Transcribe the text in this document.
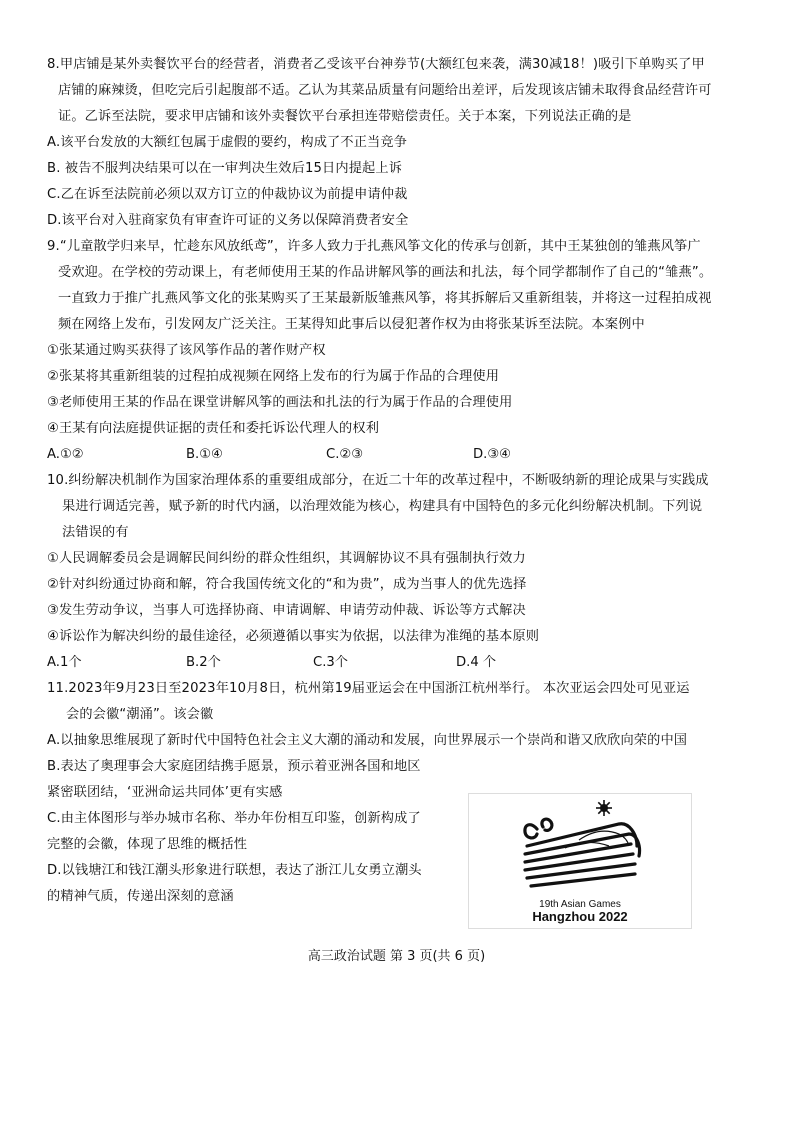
8.甲店铺是某外卖餐饮平台的经营者，消费者乙受该平台神券节(大额红包来袭，满30减18！)吸引下单购买了甲
店铺的麻辣烫，但吃完后引起腹部不适。乙认为其菜品质量有问题给出差评，后发现该店铺未取得食品经营许可
证。乙诉至法院，要求甲店铺和该外卖餐饮平台承担连带赔偿责任。关于本案，下列说法正确的是
A.该平台发放的大额红包属于虚假的要约，构成了不正当竞争
B. 被告不服判决结果可以在一审判决生效后15日内提起上诉
C.乙在诉至法院前必须以双方订立的仲裁协议为前提申请仲裁
D.该平台对入驻商家负有审查许可证的义务以保障消费者安全
9.“儿童散学归来早，忙趁东风放纸鸢”，许多人致力于扎燕风筝文化的传承与创新，其中王某独创的雏燕风筝广
受欢迎。在学校的劳动课上，有老师使用王某的作品讲解风筝的画法和扎法，每个同学都制作了自己的“雏燕”。
一直致力于推广扎燕风筝文化的张某购买了王某最新版雏燕风筝，将其拆解后又重新组装，并将这一过程拍成视
频在网络上发布，引发网友广泛关注。王某得知此事后以侵犯著作权为由将张某诉至法院。本案例中
①张某通过购买获得了该风筝作品的著作财产权
②张某将其重新组装的过程拍成视频在网络上发布的行为属于作品的合理使用
③老师使用王某的作品在课堂讲解风筝的画法和扎法的行为属于作品的合理使用
④王某有向法庭提供证据的责任和委托诉讼代理人的权利
A.①②	B.①④	C.②③	D.③④
10.纠纷解决机制作为国家治理体系的重要组成部分，在近二十年的改革过程中，不断吸纳新的理论成果与实践成
果进行调适完善，赋予新的时代内涵，以治理效能为核心，构建具有中国特色的多元化纠纷解决机制。下列说
法错误的有
①人民调解委员会是调解民间纠纷的群众性组织，其调解协议不具有强制执行效力
②针对纠纷通过协商和解，符合我国传统文化的“和为贵”，成为当事人的优先选择
③发生劳动争议，当事人可选择协商、申请调解、申请劳动仲裁、诉讼等方式解决
④诉讼作为解决纠纷的最佳途径，必须遵循以事实为依据，以法律为准绳的基本原则
A.1个	B.2个	C.3个	D.4 个
11.2023年9月23日至2023年10月8日，杭州第19届亚运会在中国浙江杭州举行。 本次亚运会四处可见亚运
会的会徽“潮涌”。该会徽
A.以抽象思维展现了新时代中国特色社会主义大潮的涌动和发展，向世界展示一个崇尚和谐又欣欣向荣的中国
B.表达了奥理事会大家庭团结携手愿景，预示着亚洲各国和地区
紧密联团结，‘亚洲命运共同体’更有实感
C.由主体图形与举办城市名称、举办年份相互印鉴，创新构成了
完整的会徽，体现了思维的概括性
D.以钱塘江和钱江潮头形象进行联想，表达了浙江儿女勇立潮头
的精神气质，传递出深刻的意涵
19th Asian Games
Hangzhou 2022
高三政治试题 第 3 页(共 6 页)
